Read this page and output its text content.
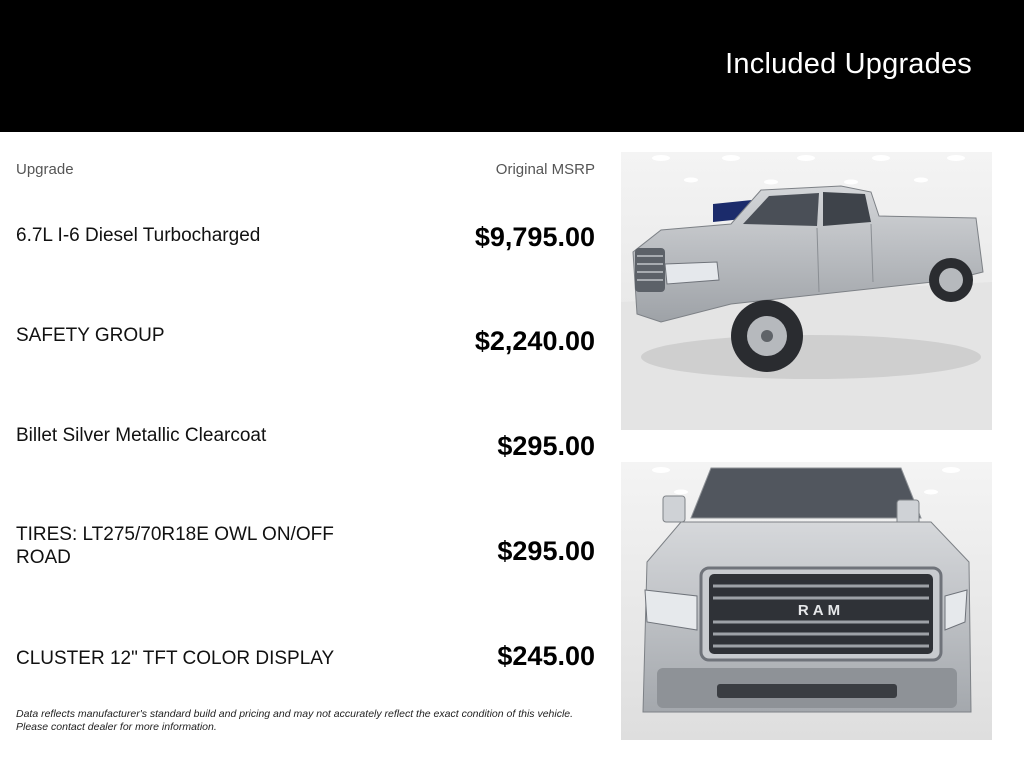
Included Upgrades
Upgrade	Original MSRP
6.7L I-6 Diesel Turbocharged	$9,795.00
SAFETY GROUP	$2,240.00
Billet Silver Metallic Clearcoat	$295.00
TIRES: LT275/70R18E OWL ON/OFF ROAD	$295.00
CLUSTER 12" TFT COLOR DISPLAY	$245.00
Data reflects manufacturer's standard build and pricing and may not accurately reflect the exact condition of this vehicle.
Please contact dealer for more information.
RAM
